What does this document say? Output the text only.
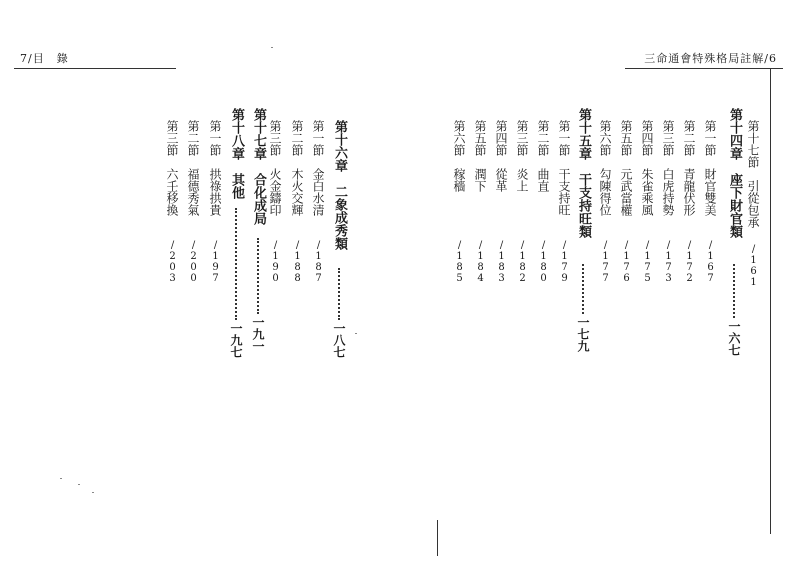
7/目　錄	三命通會特殊格局註解/6
第十六章　二象成秀類
一八七
第一節　金白水清
/187
第二節　木火交輝
/188
第三節　火金鑄印
/190
第十七章　合化成局
一九一
第十八章　其他
一九七
第一節　拱祿拱貴
/197
第二節　福德秀氣
/200
第三節　六壬移換
/203
第十七節　引從包承
/161
第十四章　座下財官類
一六七
第一節　財官雙美
/167
第二節　青龍伏形
/172
第三節　白虎持勢
/173
第四節　朱雀乘風
/175
第五節　元武當權
/176
第六節　勾陳得位
/177
第十五章　干支持旺類
一七九
第一節　干支持旺
/179
第二節　曲直
/180
第三節　炎上
/182
第四節　從革
/183
第五節　潤下
/184
第六節　稼穡
/185
